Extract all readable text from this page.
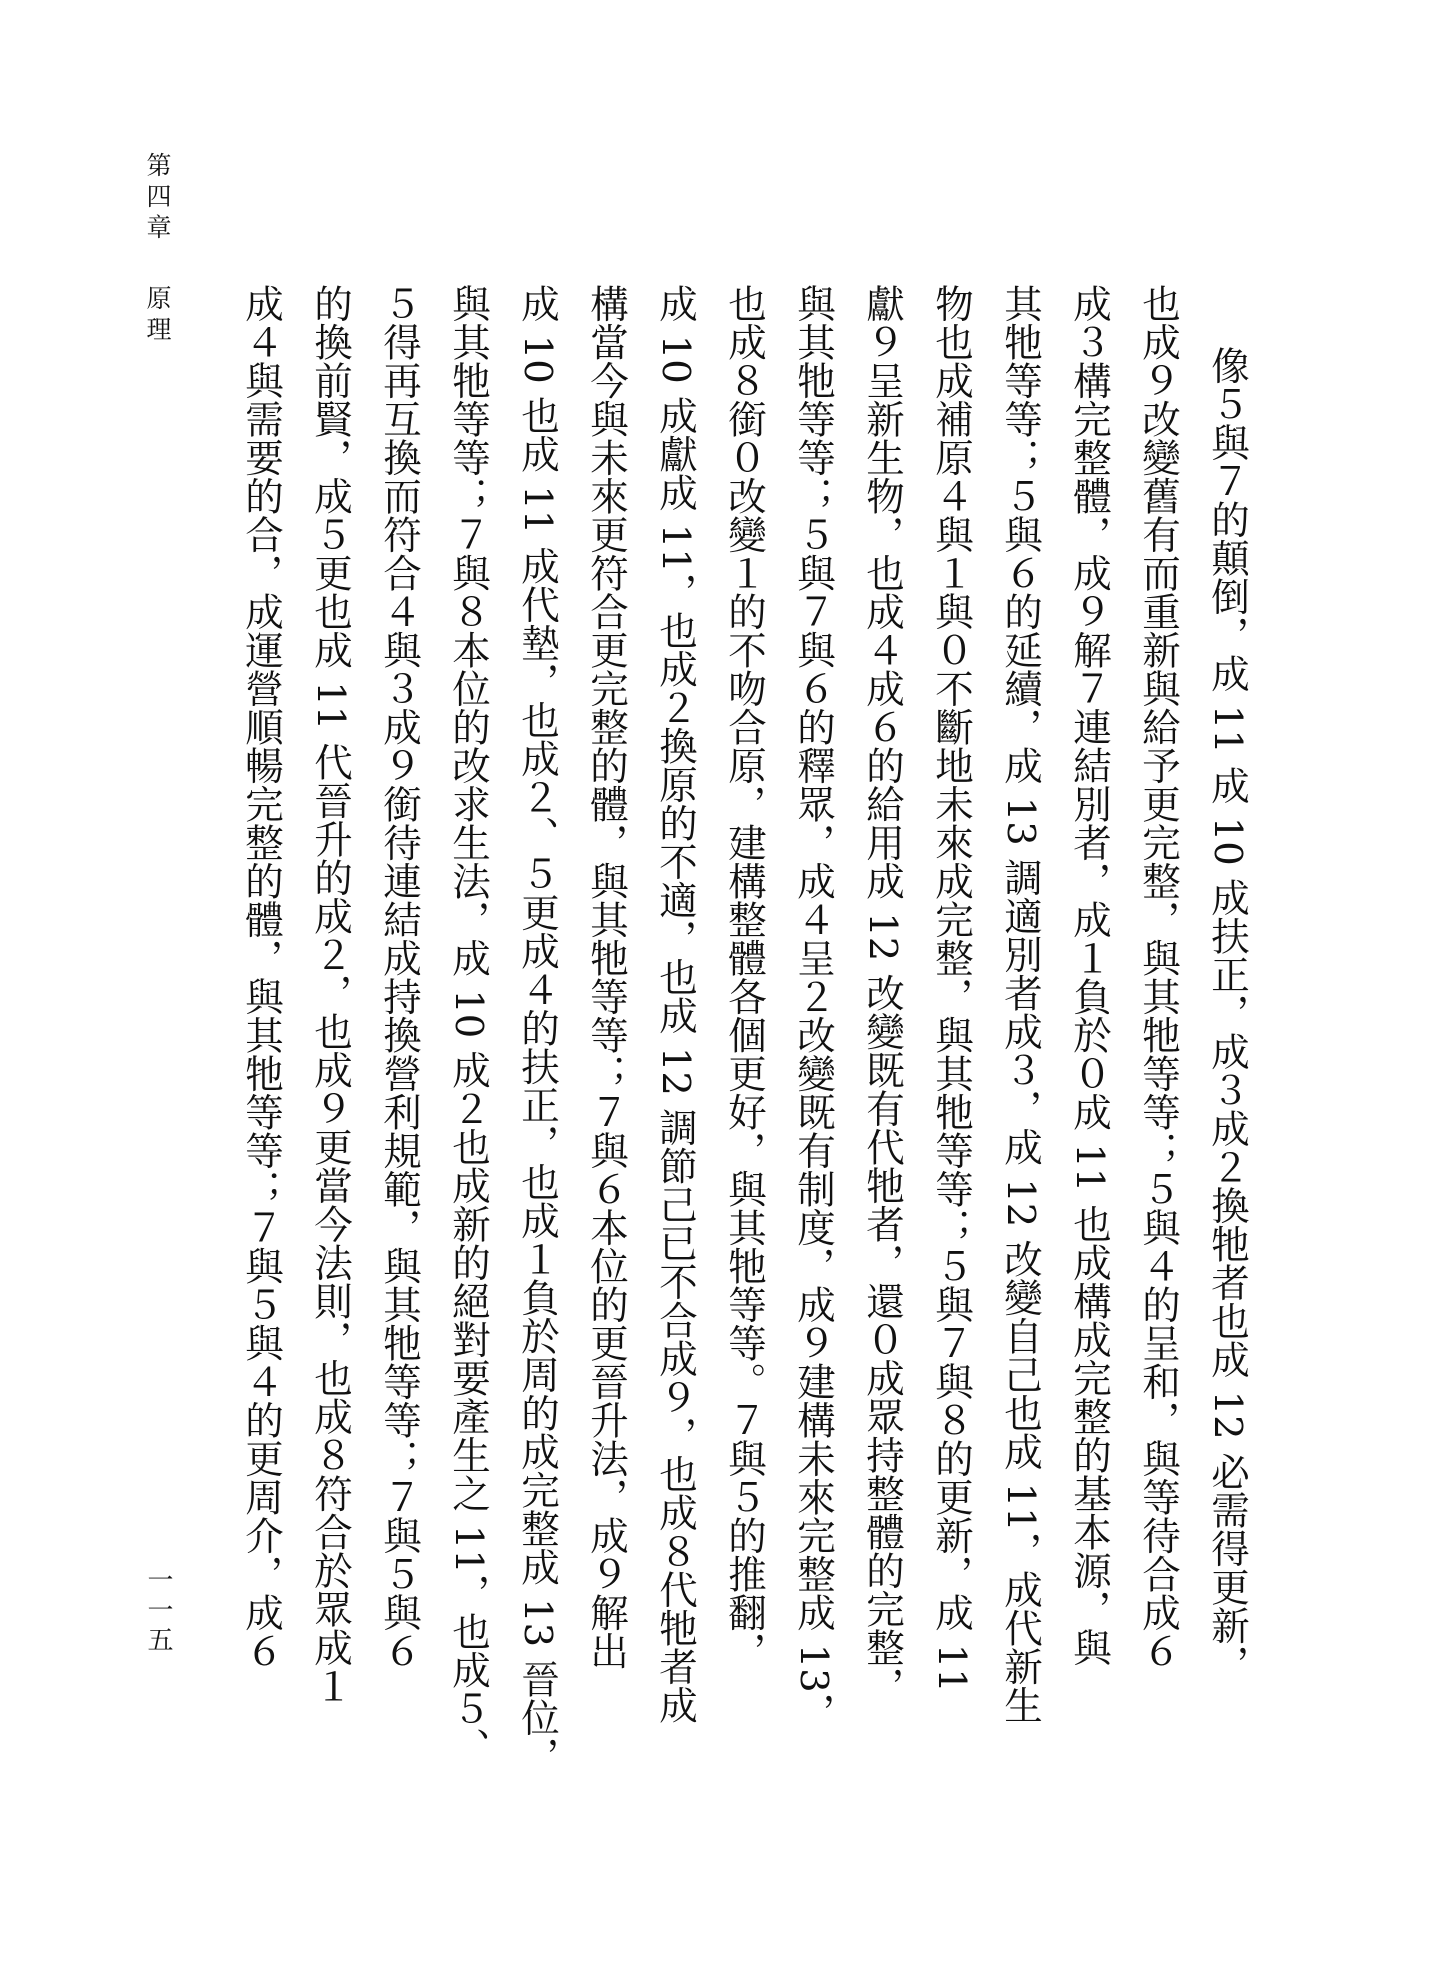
第四章原理
一一五	像５與７的顛倒，成 11 成 10 成扶正，成３成２換牠者也成 12 必需得更新，
也成９改變舊有而重新與給予更完整，與其牠等等；５與４的呈和，與等待合成６
成３構完整體，成９解７連結別者，成１負於０成 11 也成構成完整的基本源，與
其牠等等；５與６的延續，成 13 調適別者成３，成 12 改變自己也成 11，成代新生
物也成補原４與１與０不斷地未來成完整，與其牠等等；５與７與８的更新，成 11
獻９呈新生物，也成４成６的給用成 12 改變既有代牠者，還０成眾持整體的完整，
與其牠等等；５與７與６的釋眾，成４呈２改變既有制度，成９建構未來完整成 13，
也成８銜０改變１的不吻合原，建構整體各個更好，與其牠等等。７與５的推翻，
成 10 成獻成 11，也成２換原的不適，也成 12 調節己已不合成９，也成８代牠者成
構當今與未來更符合更完整的體，與其牠等等；７與６本位的更晉升法，成９解出
成 10 也成 11 成代墊，也成２、５更成４的扶正，也成１負於周的成完整成 13 晉位，
與其牠等等；７與８本位的改求生法，成 10 成２也成新的絕對要產生之 11，也成５、
５得再互換而符合４與３成９銜待連結成持換營利規範，與其牠等等；７與５與６
的換前賢，成５更也成 11 代晉升的成２，也成９更當今法則，也成８符合於眾成１
成４與需要的合，成運營順暢完整的體，與其牠等等；７與５與４的更周介，成６
